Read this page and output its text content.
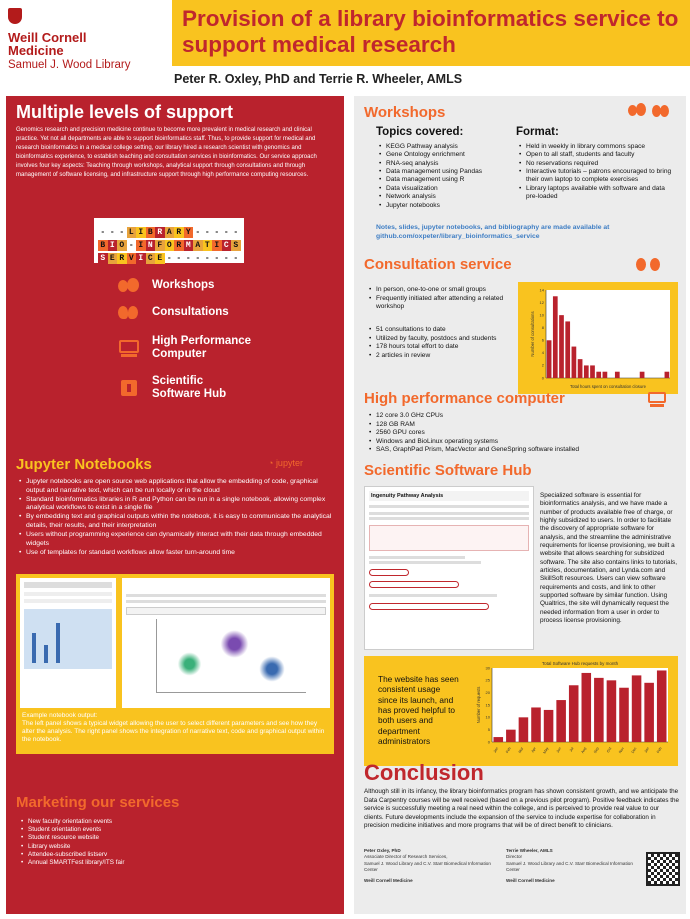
Weill Cornell
Medicine
Samuel J. Wood Library
Provision of a library bioinformatics service to support medical research
Peter R. Oxley, PhD and Terrie R. Wheeler, AMLS
Multiple levels of support
Genomics research and precision medicine continue to become more prevalent in medical research and clinical practice. Yet not all departments are able to support bioinformatics staff. Thus, to provide support for medical and research bioinformatics in a medical college setting, our library hired a research scientist with genomics and bioinformatics experience, to establish teaching and consultation services in bioinformatics. Our service approach involves four key aspects: Teaching through workshops, analytical support through consultations and through management of software licensing, and infrastructure support through high performance computing resources.
- - - L I B R A R Y - - - - -
B I O - I N F O R M A T I C S
S E R V I C E - - - - - - - -
Workshops
Consultations
High Performance Computer
Scientific Software Hub
Jupyter Notebooks	◔ jupyter
• Jupyter notebooks are open source web applications that allow the embedding of code, graphical output and narrative text, which can be run locally or in the cloud
• Standard bioinformatics libraries in R and Python can be run in a single notebook, allowing complex analytical workflows to exist in a single file
• By embedding text and graphical outputs within the notebook, it is easy to communicate the analytical details, their results, and their interpretation
• Users without programming experience can dynamically interact with their data through embedded widgets
• Use of templates for standard workflows allow faster turn-around time
K-means clustering of samples
Example notebook output:
The left panel shows a typical widget allowing the user to select different parameters and see how they alter the analysis. The right panel shows the integration of narrative text, code and graphical output within the notebook.
Marketing our services
• New faculty orientation events
• Student orientation events
• Student resource website
• Library website
• Attendee-subscribed listserv
• Annual SMARTFest library/ITS fair
Workshops
Topics covered:
• KEGG Pathway analysis
• Gene Ontology enrichment
• RNA-seq analysis
• Data management using Pandas
• Data management using R
• Data visualization
• Network analysis
• Jupyter notebooks
Format:
• Held in weekly in library commons space
• Open to all staff, students and faculty
• No reservations required
• Interactive tutorials – patrons encouraged to bring their own laptop to complete exercises
• Library laptops available with software and data pre-loaded
Notes, slides, jupyter notebooks, and bibliography are made available at github.com/oxpeter/library_bioinformatics_service
Consultation service
• In person, one-to-one or small groups
• Frequently initiated after attending a related workshop
• 51 consultations to date
• Utilized by faculty, postdocs and students
• 178 hours total effort to date
• 2 articles in review
0
2
4
6
8
10
12
14
Total hours spent on consultation closure
Number of consultations
High performance computer
• 12 core 3.0 GHz CPUs
• 128 GB RAM
• 2560 GPU cores
• Windows and BioLinux operating systems
• SAS, GraphPad Prism, MacVector and GeneSpring software installed
Scientific Software Hub
Ingenuity Pathway Analysis	Specialized software is essential for bioinformatics analysis, and we have made a number of products available free of charge, or highly subsidized to users. In order to facilitate the discovery of appropriate software for analysis, and the streamline the administrative requirements for license provisioning, we built a website that allows searching for subsidized software. The site also contains links to tutorials, articles, documentation, and Lynda.com and SkillSoft resources. Users can view software requirements and costs, and link to other supported software by similar function. Using Qualtrics, the site will dynamically request the needed information from a user in order to process license provisioning.
The website has seen consistent usage since its launch, and has proved helpful to both users and department administrators
Jan Feb Mar Apr May Jun Jul Aug Sep Oct Nov Dec Jan Feb
0
5
10
15
20
25
30
Total Software Hub requests by month
Number of requests
Conclusion
Although still in its infancy, the library bioinformatics program has shown consistent growth, and we anticipate the Data Carpentry courses will be well received (based on a previous pilot program). Positive feedback indicates the service is successfully meeting a real need within the college, and is perceived to provide real value to our clients. Future developments include the expansion of the service to include expertise for collaboration in precision medicine initiatives and more programs that will be of direct benefit to clinicians.
Peter Oxley, PhD
Associate Director of Research Services,
Samuel J. Wood Library and C.V. Starr Biomedical Information Center
Weill Cornell Medicine
Terrie Wheeler, AMLS
Director
Samuel J. Wood Library and C.V. Starr Biomedical Information Center
Weill Cornell Medicine
